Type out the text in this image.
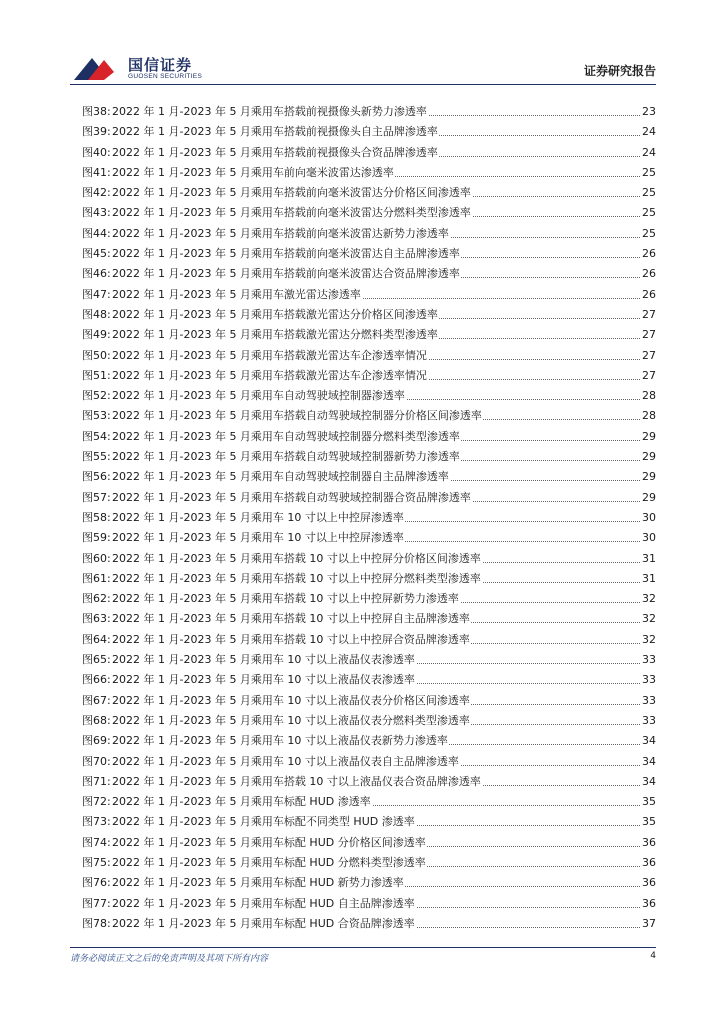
国信证券
GUOSEN SECURITIES	证券研究报告
图38: 2022 年 1 月-2023 年 5 月乘用车搭载前视摄像头新势力渗透率	23
图39: 2022 年 1 月-2023 年 5 月乘用车搭载前视摄像头自主品牌渗透率	24
图40: 2022 年 1 月-2023 年 5 月乘用车搭载前视摄像头合资品牌渗透率	24
图41: 2022 年 1 月-2023 年 5 月乘用车前向毫米波雷达渗透率	25
图42: 2022 年 1 月-2023 年 5 月乘用车搭载前向毫米波雷达分价格区间渗透率	25
图43: 2022 年 1 月-2023 年 5 月乘用车搭载前向毫米波雷达分燃料类型渗透率	25
图44: 2022 年 1 月-2023 年 5 月乘用车搭载前向毫米波雷达新势力渗透率	25
图45: 2022 年 1 月-2023 年 5 月乘用车搭载前向毫米波雷达自主品牌渗透率	26
图46: 2022 年 1 月-2023 年 5 月乘用车搭载前向毫米波雷达合资品牌渗透率	26
图47: 2022 年 1 月-2023 年 5 月乘用车激光雷达渗透率	26
图48: 2022 年 1 月-2023 年 5 月乘用车搭载激光雷达分价格区间渗透率	27
图49: 2022 年 1 月-2023 年 5 月乘用车搭载激光雷达分燃料类型渗透率	27
图50: 2022 年 1 月-2023 年 5 月乘用车搭载激光雷达车企渗透率情况	27
图51: 2022 年 1 月-2023 年 5 月乘用车搭载激光雷达车企渗透率情况	27
图52: 2022 年 1 月-2023 年 5 月乘用车自动驾驶域控制器渗透率	28
图53: 2022 年 1 月-2023 年 5 月乘用车搭载自动驾驶域控制器分价格区间渗透率	28
图54: 2022 年 1 月-2023 年 5 月乘用车自动驾驶域控制器分燃料类型渗透率	29
图55: 2022 年 1 月-2023 年 5 月乘用车搭载自动驾驶域控制器新势力渗透率	29
图56: 2022 年 1 月-2023 年 5 月乘用车自动驾驶域控制器自主品牌渗透率	29
图57: 2022 年 1 月-2023 年 5 月乘用车搭载自动驾驶域控制器合资品牌渗透率	29
图58: 2022 年 1 月-2023 年 5 月乘用车 10 寸以上中控屏渗透率	30
图59: 2022 年 1 月-2023 年 5 月乘用车 10 寸以上中控屏渗透率	30
图60: 2022 年 1 月-2023 年 5 月乘用车搭载 10 寸以上中控屏分价格区间渗透率	31
图61: 2022 年 1 月-2023 年 5 月乘用车搭载 10 寸以上中控屏分燃料类型渗透率	31
图62: 2022 年 1 月-2023 年 5 月乘用车搭载 10 寸以上中控屏新势力渗透率	32
图63: 2022 年 1 月-2023 年 5 月乘用车搭载 10 寸以上中控屏自主品牌渗透率	32
图64: 2022 年 1 月-2023 年 5 月乘用车搭载 10 寸以上中控屏合资品牌渗透率	32
图65: 2022 年 1 月-2023 年 5 月乘用车 10 寸以上液晶仪表渗透率	33
图66: 2022 年 1 月-2023 年 5 月乘用车 10 寸以上液晶仪表渗透率	33
图67: 2022 年 1 月-2023 年 5 月乘用车 10 寸以上液晶仪表分价格区间渗透率	33
图68: 2022 年 1 月-2023 年 5 月乘用车 10 寸以上液晶仪表分燃料类型渗透率	33
图69: 2022 年 1 月-2023 年 5 月乘用车 10 寸以上液晶仪表新势力渗透率	34
图70: 2022 年 1 月-2023 年 5 月乘用车 10 寸以上液晶仪表自主品牌渗透率	34
图71: 2022 年 1 月-2023 年 5 月乘用车搭载 10 寸以上液晶仪表合资品牌渗透率	34
图72: 2022 年 1 月-2023 年 5 月乘用车标配 HUD 渗透率	35
图73: 2022 年 1 月-2023 年 5 月乘用车标配不同类型 HUD 渗透率	35
图74: 2022 年 1 月-2023 年 5 月乘用车标配 HUD 分价格区间渗透率	36
图75: 2022 年 1 月-2023 年 5 月乘用车标配 HUD 分燃料类型渗透率	36
图76: 2022 年 1 月-2023 年 5 月乘用车标配 HUD 新势力渗透率	36
图77: 2022 年 1 月-2023 年 5 月乘用车标配 HUD 自主品牌渗透率	36
图78: 2022 年 1 月-2023 年 5 月乘用车标配 HUD 合资品牌渗透率	37
请务必阅读正文之后的免责声明及其项下所有内容	4
